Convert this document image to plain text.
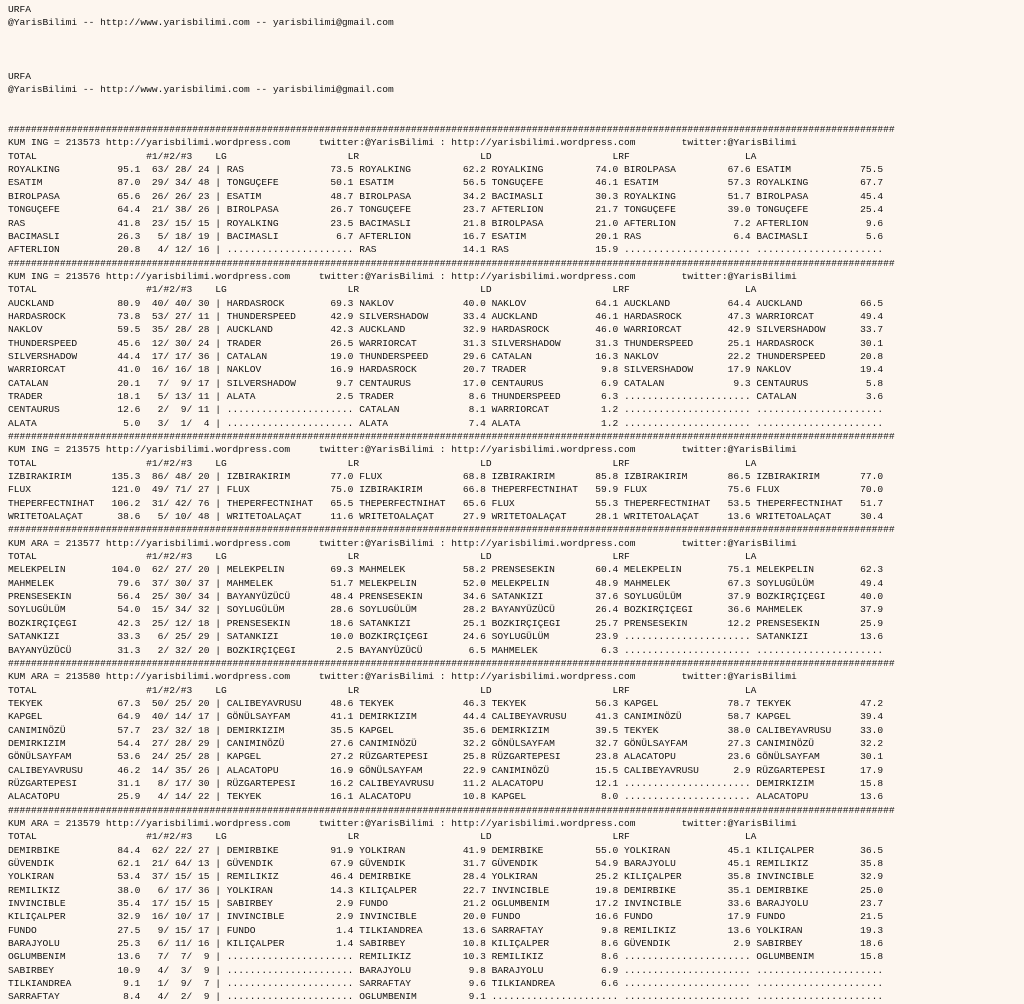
URFA
@YarisBilimi -- http://www.yarisbilimi.com -- yarisbilimi@gmail.com
URFA
@YarisBilimi -- http://www.yarisbilimi.com -- yarisbilimi@gmail.com
##########################################################################################################################################################
KUM ING = 213573 http://yarisbilimi.wordpress.com     twitter:@YarisBilimi : http://yarisbilimi.wordpress.com        twitter:@YarisBilimi
TOTAL                   #1/#2/#3    LG                     LR                     LD                     LRF                    LA
ROYALKING          95.1  63/ 28/ 24 | RAS               73.5 ROYALKING         62.2 ROYALKING         74.0 BIROLPASA         67.6 ESATIM            75.5
ESATIM             87.0  29/ 34/ 48 | TONGUÇEFE         50.1 ESATIM            56.5 TONGUÇEFE         46.1 ESATIM            57.3 ROYALKING         67.7
BIROLPASA          65.6  26/ 26/ 23 | ESATIM            48.7 BIROLPASA         34.2 BACIMASLI         30.3 ROYALKING         51.7 BIROLPASA         45.4
TONGUÇEFE          64.4  21/ 38/ 26 | BIROLPASA         26.7 TONGUÇEFE         23.7 AFTERLION         21.7 TONGUÇEFE         39.0 TONGUÇEFE         25.4
RAS                41.8  23/ 15/ 15 | ROYALKING         23.5 BACIMASLI         21.8 BIROLPASA         21.0 AFTERLION          7.2 AFTERLION          9.6
BACIMASLI          26.3   5/ 18/ 19 | BACIMASLI          6.7 AFTERLION         16.7 ESATIM            20.1 RAS                6.4 BACIMASLI          5.6
AFTERLION          20.8   4/ 12/ 16 | ...................... RAS               14.1 RAS               15.9 ...................... ......................
##########################################################################################################################################################
KUM ING = 213576 http://yarisbilimi.wordpress.com     twitter:@YarisBilimi : http://yarisbilimi.wordpress.com        twitter:@YarisBilimi
TOTAL                   #1/#2/#3    LG                     LR                     LD                     LRF                    LA
AUCKLAND           80.9  40/ 40/ 30 | HARDASROCK        69.3 NAKLOV            40.0 NAKLOV            64.1 AUCKLAND          64.4 AUCKLAND          66.5
HARDASROCK         73.8  53/ 27/ 11 | THUNDERSPEED      42.9 SILVERSHADOW      33.4 AUCKLAND          46.1 HARDASROCK        47.3 WARRIORCAT        49.4
NAKLOV             59.5  35/ 28/ 28 | AUCKLAND          42.3 AUCKLAND          32.9 HARDASROCK        46.0 WARRIORCAT        42.9 SILVERSHADOW      33.7
THUNDERSPEED       45.6  12/ 30/ 24 | TRADER            26.5 WARRIORCAT        31.3 SILVERSHADOW      31.3 THUNDERSPEED      25.1 HARDASROCK        30.1
SILVERSHADOW       44.4  17/ 17/ 36 | CATALAN           19.0 THUNDERSPEED      29.6 CATALAN           16.3 NAKLOV            22.2 THUNDERSPEED      20.8
WARRIORCAT         41.0  16/ 16/ 18 | NAKLOV            16.9 HARDASROCK        20.7 TRADER             9.8 SILVERSHADOW      17.9 NAKLOV            19.4
CATALAN            20.1   7/  9/ 17 | SILVERSHADOW       9.7 CENTAURUS         17.0 CENTAURUS          6.9 CATALAN            9.3 CENTAURUS          5.8
TRADER             18.1   5/ 13/ 11 | ALATA              2.5 TRADER             8.6 THUNDERSPEED       6.3 ...................... CATALAN            3.6
CENTAURUS          12.6   2/  9/ 11 | ...................... CATALAN            8.1 WARRIORCAT         1.2 ...................... ......................
ALATA               5.0   3/  1/  4 | ...................... ALATA              7.4 ALATA              1.2 ...................... ......................
##########################################################################################################################################################
KUM ING = 213575 http://yarisbilimi.wordpress.com     twitter:@YarisBilimi : http://yarisbilimi.wordpress.com        twitter:@YarisBilimi
TOTAL                   #1/#2/#3    LG                     LR                     LD                     LRF                    LA
IZBIRAKIRIM       135.3  86/ 48/ 20 | IZBIRAKIRIM       77.0 FLUX              68.8 IZBIRAKIRIM       85.8 IZBIRAKIRIM       86.5 IZBIRAKIRIM       77.0
FLUX              121.0  49/ 71/ 27 | FLUX              75.0 IZBIRAKIRIM       66.8 THEPERFECTNIHAT   59.9 FLUX              75.6 FLUX              70.0
THEPERFECTNIHAT   106.2  31/ 42/ 76 | THEPERFECTNIHAT   65.5 THEPERFECTNIHAT   65.6 FLUX              55.3 THEPERFECTNIHAT   53.5 THEPERFECTNIHAT   51.7
WRITETOALAÇAT      38.6   5/ 10/ 48 | WRITETOALAÇAT     11.6 WRITETOALAÇAT     27.9 WRITETOALAÇAT     28.1 WRITETOALAÇAT     13.6 WRITETOALAÇAT     30.4
##########################################################################################################################################################
KUM ARA = 213577 http://yarisbilimi.wordpress.com     twitter:@YarisBilimi : http://yarisbilimi.wordpress.com        twitter:@YarisBilimi
TOTAL                   #1/#2/#3    LG                     LR                     LD                     LRF                    LA
MELEKPELIN        104.0  62/ 27/ 20 | MELEKPELIN        69.3 MAHMELEK          58.2 PRENSESEKIN       60.4 MELEKPELIN        75.1 MELEKPELIN        62.3
MAHMELEK           79.6  37/ 30/ 37 | MAHMELEK          51.7 MELEKPELIN        52.0 MELEKPELIN        48.9 MAHMELEK          67.3 SOYLUGÜLÜM        49.4
PRENSESEKIN        56.4  25/ 30/ 34 | BAYANYÜZÜCÜ       48.4 PRENSESEKIN       34.6 SATANKIZI         37.6 SOYLUGÜLÜM        37.9 BOZKIRÇIÇEGI      40.0
SOYLUGÜLÜM         54.0  15/ 34/ 32 | SOYLUGÜLÜM        28.6 SOYLUGÜLÜM        28.2 BAYANYÜZÜCÜ       26.4 BOZKIRÇIÇEGI      36.6 MAHMELEK          37.9
BOZKIRÇIÇEGI       42.3  25/ 12/ 18 | PRENSESEKIN       18.6 SATANKIZI         25.1 BOZKIRÇIÇEGI      25.7 PRENSESEKIN       12.2 PRENSESEKIN       25.9
SATANKIZI          33.3   6/ 25/ 29 | SATANKIZI         10.0 BOZKIRÇIÇEGI      24.6 SOYLUGÜLÜM        23.9 ...................... SATANKIZI         13.6
BAYANYÜZÜCÜ        31.3   2/ 32/ 20 | BOZKIRÇIÇEGI       2.5 BAYANYÜZÜCÜ        6.5 MAHMELEK           6.3 ...................... ......................
##########################################################################################################################################################
KUM ARA = 213580 http://yarisbilimi.wordpress.com     twitter:@YarisBilimi : http://yarisbilimi.wordpress.com        twitter:@YarisBilimi
TOTAL                   #1/#2/#3    LG                     LR                     LD                     LRF                    LA
TEKYEK             67.3  50/ 25/ 20 | CALIBEYAVRUSU     48.6 TEKYEK            46.3 TEKYEK            56.3 KAPGEL            78.7 TEKYEK            47.2
KAPGEL             64.9  40/ 14/ 17 | GÖNÜLSAYFAM       41.1 DEMIRKIZIM        44.4 CALIBEYAVRUSU     41.3 CANIMINÖZÜ        58.7 KAPGEL            39.4
CANIMINÖZÜ         57.7  23/ 32/ 18 | DEMIRKIZIM        35.5 KAPGEL            35.6 DEMIRKIZIM        39.5 TEKYEK            38.0 CALIBEYAVRUSU     33.0
DEMIRKIZIM         54.4  27/ 28/ 29 | CANIMINÖZÜ        27.6 CANIMINÖZÜ        32.2 GÖNÜLSAYFAM       32.7 GÖNÜLSAYFAM       27.3 CANIMINÖZÜ        32.2
GÖNÜLSAYFAM        53.6  24/ 25/ 28 | KAPGEL            27.2 RÜZGARTEPESI      25.8 RÜZGARTEPESI      23.8 ALACATOPU         23.6 GÖNÜLSAYFAM       30.1
CALIBEYAVRUSU      46.2  14/ 35/ 26 | ALACATOPU         16.9 GÖNÜLSAYFAM       22.9 CANIMINÖZÜ        15.5 CALIBEYAVRUSU      2.9 RÜZGARTEPESI      17.9
RÜZGARTEPESI       31.1   8/ 17/ 30 | RÜZGARTEPESI      16.2 CALIBEYAVRUSU     11.2 ALACATOPU         12.1 ...................... DEMIRKIZIM        15.8
ALACATOPU          25.9   4/ 14/ 22 | TEKYEK            16.1 ALACATOPU         10.8 KAPGEL             8.0 ...................... ALACATOPU         13.6
##########################################################################################################################################################
KUM ARA = 213579 http://yarisbilimi.wordpress.com     twitter:@YarisBilimi : http://yarisbilimi.wordpress.com        twitter:@YarisBilimi
TOTAL                   #1/#2/#3    LG                     LR                     LD                     LRF                    LA
DEMIRBIKE          84.4  62/ 22/ 27 | DEMIRBIKE         91.9 YOLKIRAN          41.9 DEMIRBIKE         55.0 YOLKIRAN          45.1 KILIÇALPER        36.5
GÜVENDIK           62.1  21/ 64/ 13 | GÜVENDIK          67.9 GÜVENDIK          31.7 GÜVENDIK          54.9 BARAJYOLU         45.1 REMILIKIZ         35.8
YOLKIRAN           53.4  37/ 15/ 15 | REMILIKIZ         46.4 DEMIRBIKE         28.4 YOLKIRAN          25.2 KILIÇALPER        35.8 INVINCIBLE        32.9
REMILIKIZ          38.0   6/ 17/ 36 | YOLKIRAN          14.3 KILIÇALPER        22.7 INVINCIBLE        19.8 DEMIRBIKE         35.1 DEMIRBIKE         25.0
INVINCIBLE         35.4  17/ 15/ 15 | SABIRBEY           2.9 FUNDO             21.2 OGLUMBENIM        17.2 INVINCIBLE        33.6 BARAJYOLU         23.7
KILIÇALPER         32.9  16/ 10/ 17 | INVINCIBLE         2.9 INVINCIBLE        20.0 FUNDO             16.6 FUNDO             17.9 FUNDO             21.5
FUNDO              27.5   9/ 15/ 17 | FUNDO              1.4 TILKIANDREA       13.6 SARRAFTAY          9.8 REMILIKIZ         13.6 YOLKIRAN          19.3
BARAJYOLU          25.3   6/ 11/ 16 | KILIÇALPER         1.4 SABIRBEY          10.8 KILIÇALPER         8.6 GÜVENDIK           2.9 SABIRBEY          18.6
OGLUMBENIM         13.6   7/  7/  9 | ...................... REMILIKIZ         10.3 REMILIKIZ          8.6 ...................... OGLUMBENIM        15.8
SABIRBEY           10.9   4/  3/  9 | ...................... BARAJYOLU          9.8 BARAJYOLU          6.9 ...................... ......................
TILKIANDREA         9.1   1/  9/  7 | ...................... SARRAFTAY          9.6 TILKIANDREA        6.6 ...................... ......................
SARRAFTAY           8.4   4/  2/  9 | ...................... OGLUMBENIM         9.1 ...................... ...................... ......................
